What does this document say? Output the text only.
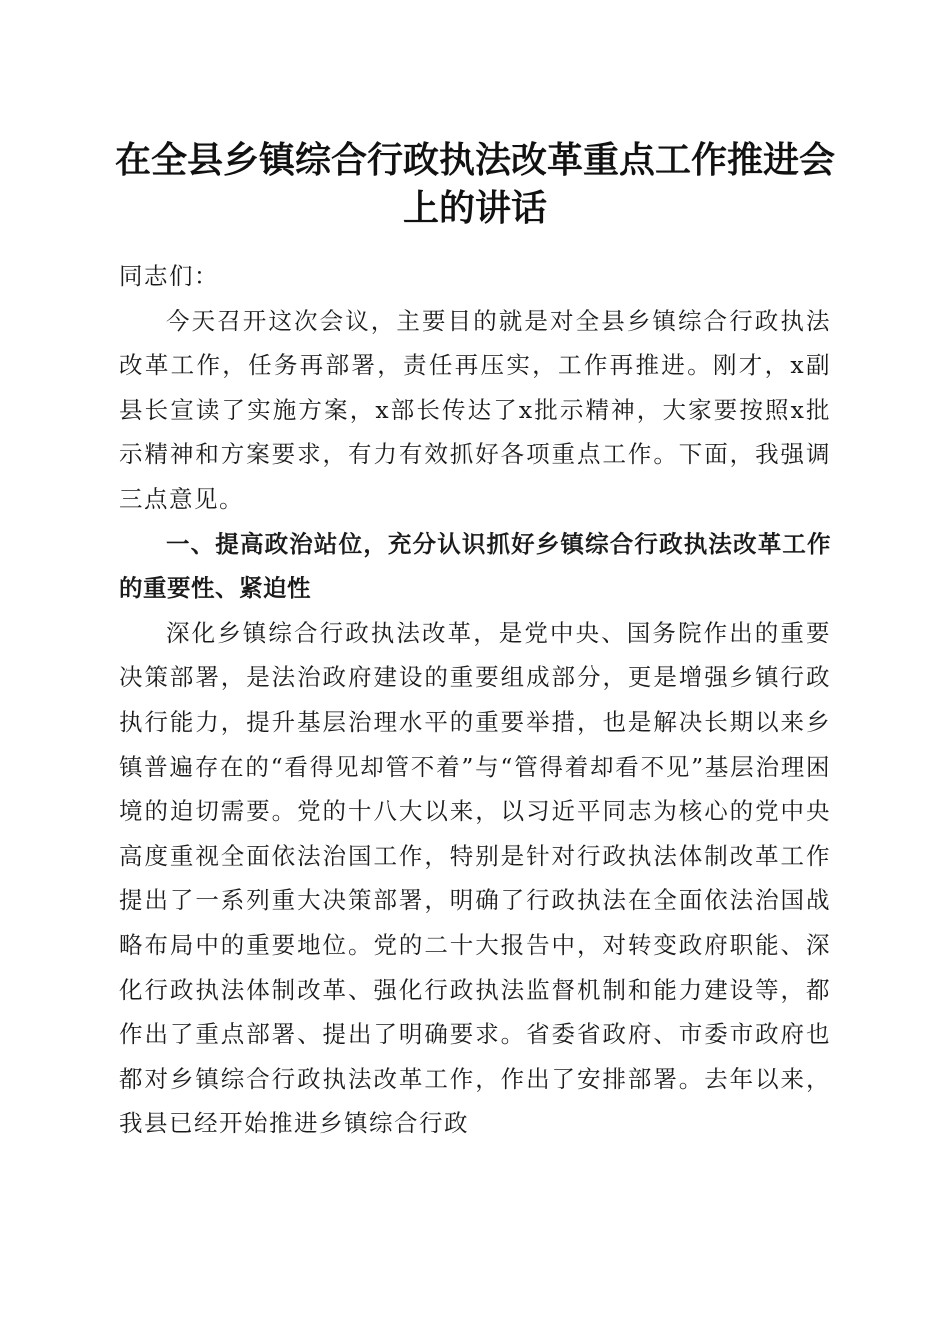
在全县乡镇综合行政执法改革重点工作推进会上的讲话

同志们：

今天召开这次会议，主要目的就是对全县乡镇综合行政执法改革工作，任务再部署，责任再压实，工作再推进。刚才，x副县长宣读了实施方案，x部长传达了x批示精神，大家要按照x批示精神和方案要求，有力有效抓好各项重点工作。下面，我强调三点意见。

一、提高政治站位，充分认识抓好乡镇综合行政执法改革工作的重要性、紧迫性

深化乡镇综合行政执法改革，是党中央、国务院作出的重要决策部署，是法治政府建设的重要组成部分，更是增强乡镇行政执行能力，提升基层治理水平的重要举措，也是解决长期以来乡镇普遍存在的“看得见却管不着”与“管得着却看不见”基层治理困境的迫切需要。党的十八大以来，以习近平同志为核心的党中央高度重视全面依法治国工作，特别是针对行政执法体制改革工作提出了一系列重大决策部署，明确了行政执法在全面依法治国战略布局中的重要地位。党的二十大报告中，对转变政府职能、深化行政执法体制改革、强化行政执法监督机制和能力建设等，都作出了重点部署、提出了明确要求。省委省政府、市委市政府也都对乡镇综合行政执法改革工作，作出了安排部署。去年以来，我县已经开始推进乡镇综合行政
